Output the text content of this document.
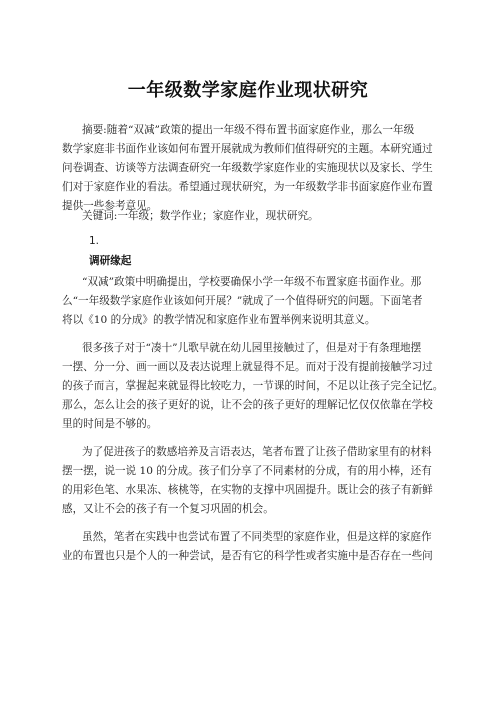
一年级数学家庭作业现状研究
摘要:随着“双减”政策的提出一年级不得布置书面家庭作业，那么一年级
数学家庭非书面作业该如何布置开展就成为教师们值得研究的主题。本研究通过
问卷调查、访谈等方法调查研究一年级数学家庭作业的实施现状以及家长、学生
们对于家庭作业的看法。希望通过现状研究，为一年级数学非书面家庭作业布置
提供一些参考意见。
关键词:一年级；数学作业；家庭作业，现状研究。
1.
调研缘起
“双减”政策中明确提出，学校要确保小学一年级不布置家庭书面作业。那
么“一年级数学家庭作业该如何开展？”就成了一个值得研究的问题。下面笔者
将以《10 的分成》的教学情况和家庭作业布置举例来说明其意义。
很多孩子对于“凑十”儿歌早就在幼儿园里接触过了，但是对于有条理地摆
一摆、分一分、画一画以及表达说理上就显得不足。而对于没有提前接触学习过
的孩子而言，掌握起来就显得比较吃力，一节课的时间，不足以让孩子完全记忆。
那么，怎么让会的孩子更好的说，让不会的孩子更好的理解记忆仅仅依靠在学校
里的时间是不够的。
为了促进孩子的数感培养及言语表达，笔者布置了让孩子借助家里有的材料
摆一摆，说一说 10 的分成。孩子们分享了不同素材的分成，有的用小棒，还有
的用彩色笔、水果冻、核桃等，在实物的支撑中巩固提升。既让会的孩子有新鲜
感，又让不会的孩子有一个复习巩固的机会。
虽然，笔者在实践中也尝试布置了不同类型的家庭作业，但是这样的家庭作
业的布置也只是个人的一种尝试，是否有它的科学性或者实施中是否存在一些问
